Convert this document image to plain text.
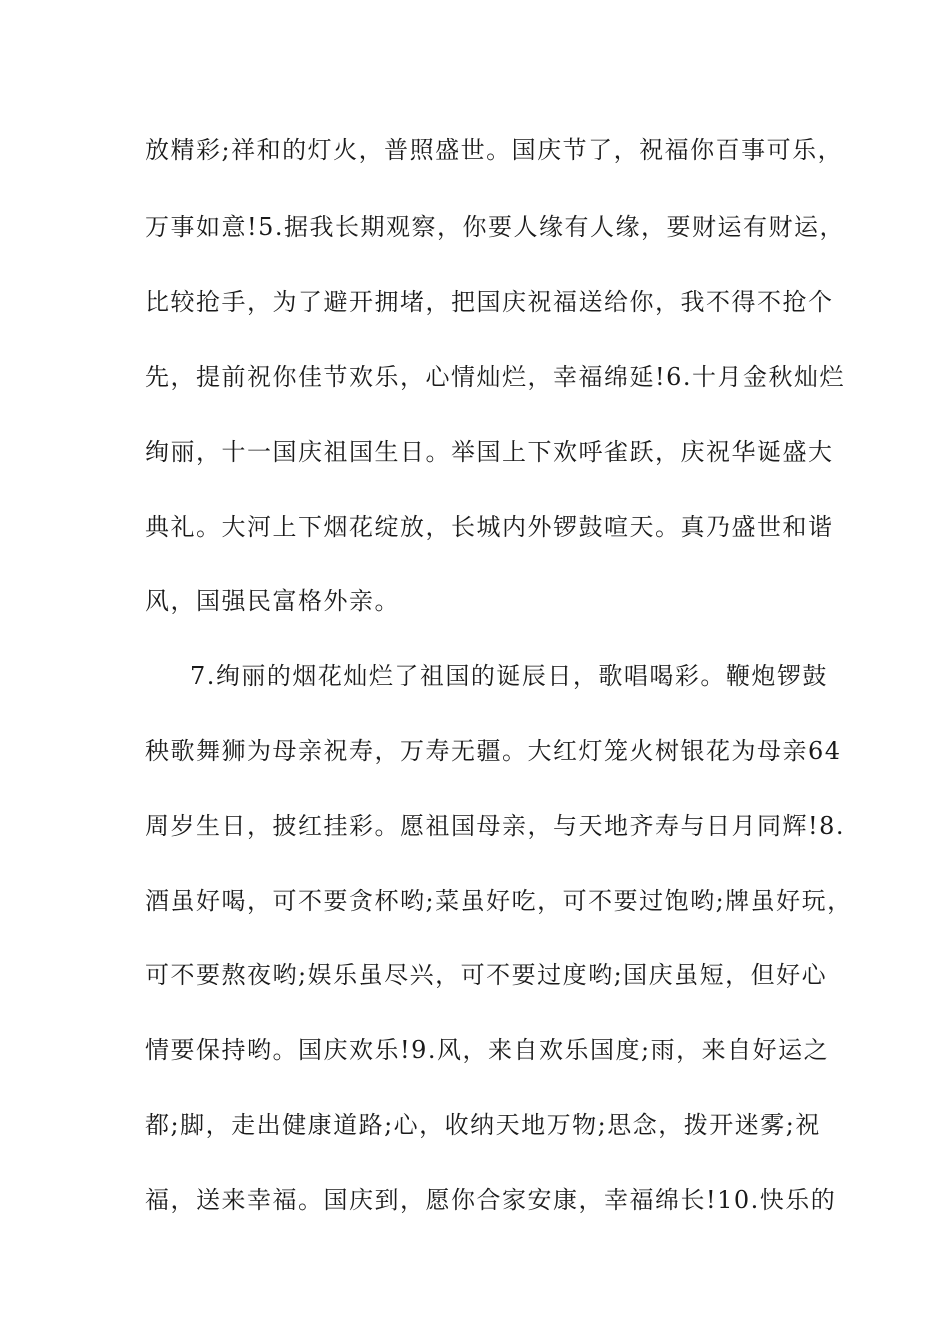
放精彩;祥和的灯火，普照盛世。国庆节了，祝福你百事可乐，
万事如意!5.据我长期观察，你要人缘有人缘，要财运有财运，
比较抢手，为了避开拥堵，把国庆祝福送给你，我不得不抢个
先，提前祝你佳节欢乐，心情灿烂，幸福绵延!6.十月金秋灿烂
绚丽，十一国庆祖国生日。举国上下欢呼雀跃，庆祝华诞盛大
典礼。大河上下烟花绽放，长城内外锣鼓喧天。真乃盛世和谐
风，国强民富格外亲。
7.绚丽的烟花灿烂了祖国的诞辰日，歌唱喝彩。鞭炮锣鼓
秧歌舞狮为母亲祝寿，万寿无疆。大红灯笼火树银花为母亲64
周岁生日，披红挂彩。愿祖国母亲，与天地齐寿与日月同辉!8.
酒虽好喝，可不要贪杯哟;菜虽好吃，可不要过饱哟;牌虽好玩，
可不要熬夜哟;娱乐虽尽兴，可不要过度哟;国庆虽短，但好心
情要保持哟。国庆欢乐!9.风，来自欢乐国度;雨，来自好运之
都;脚，走出健康道路;心，收纳天地万物;思念，拨开迷雾;祝
福，送来幸福。国庆到，愿你合家安康，幸福绵长!10.快乐的
